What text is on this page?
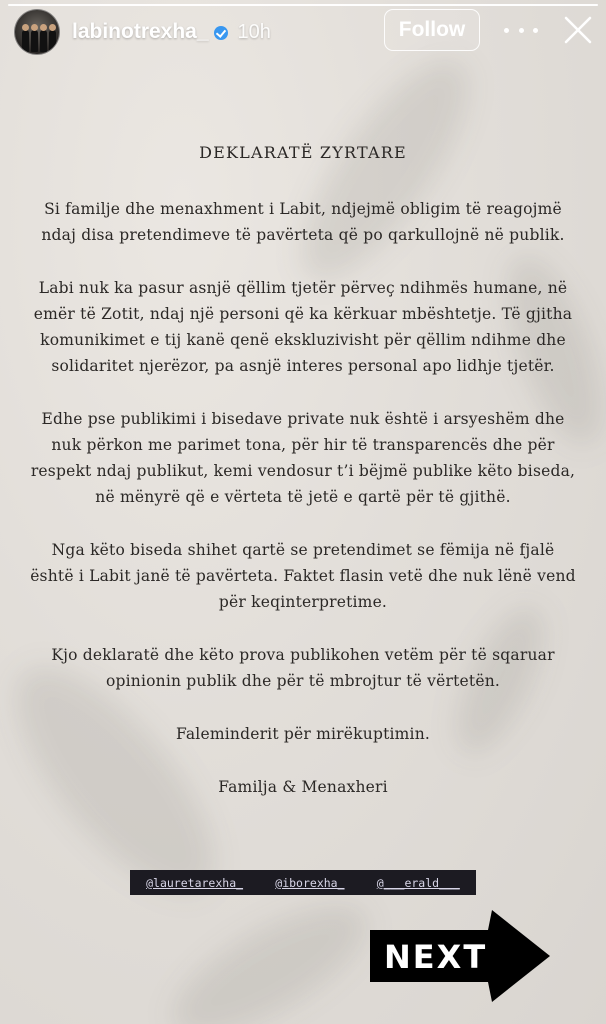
labinotrexha_ 10h	Follow
DEKLARATË ZYRTARE

Si familje dhe menaxhment i Labit, ndjejmë obligim të reagojmë ndaj disa pretendimeve të pavërteta që po qarkullojnë në publik.

Labi nuk ka pasur asnjë qëllim tjetër përveç ndihmës humane, në emër të Zotit, ndaj një personi që ka kërkuar mbështetje. Të gjitha komunikimet e tij kanë qenë ekskluzivisht për qëllim ndihme dhe solidaritet njerëzor, pa asnjë interes personal apo lidhje tjetër.

Edhe pse publikimi i bisedave private nuk është i arsyeshëm dhe nuk përkon me parimet tona, për hir të transparencës dhe për respekt ndaj publikut, kemi vendosur t’i bëjmë publike këto biseda, në mënyrë që e vërteta të jetë e qartë për të gjithë.

Nga këto biseda shihet qartë se pretendimet se fëmija në fjalë është i Labit janë të pavërteta. Faktet flasin vetë dhe nuk lënë vend për keqinterpretime.

Kjo deklaratë dhe këto prova publikohen vetëm për të sqaruar opinionin publik dhe për të mbrojtur të vërtetën.

Faleminderit për mirëkuptimin.

Familja & Menaxheri
@lauretarexha_	@iborexha_	@___erald___
NEXT
